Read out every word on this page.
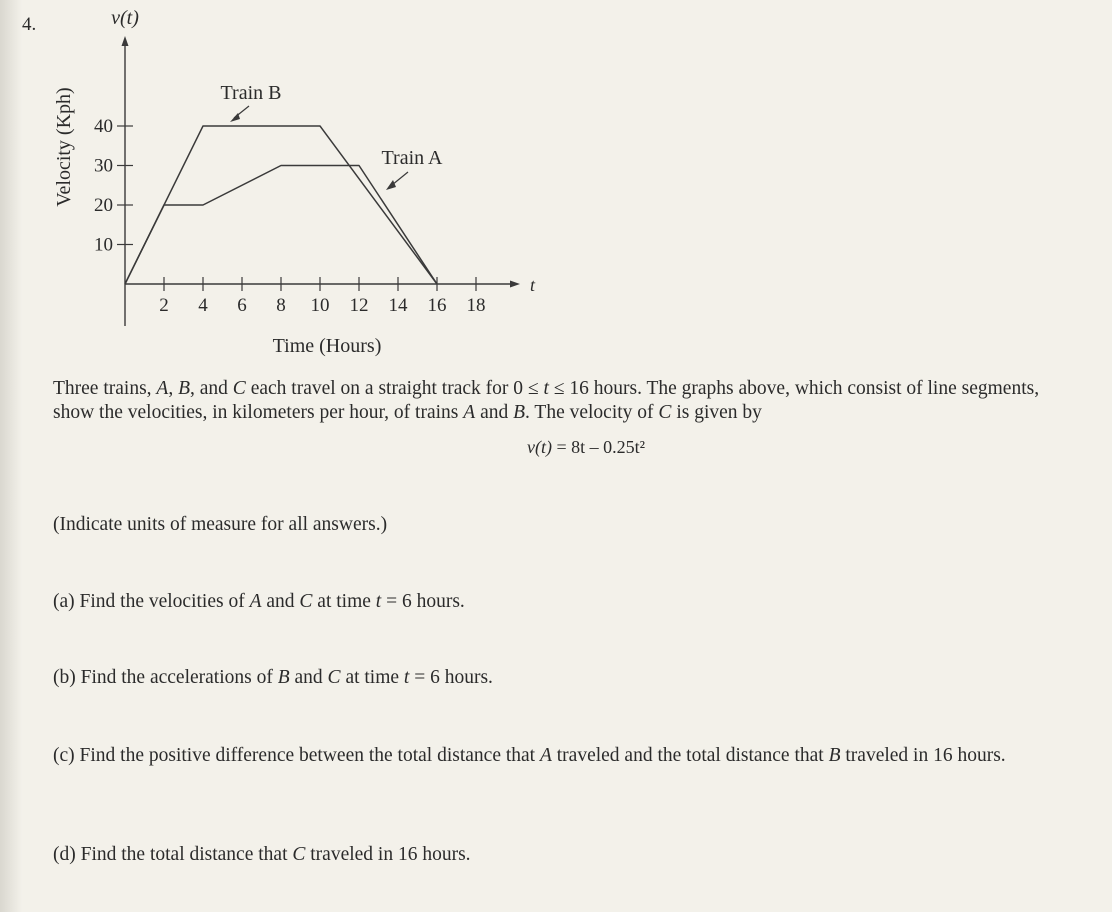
4.
2 4 6 8 10 12 14 16 18
10
20
30
40
v(t)
t
Time (Hours)
Velocity (Kph)	Train B
Train A
Three trains, A, B, and C each travel on a straight track for 0 ≤ t ≤ 16 hours. The graphs above, which consist of line segments, show the velocities, in kilometers per hour, of trains A and B. The velocity of C is given by
v(t) = 8t – 0.25t²
(Indicate units of measure for all answers.)
(a) Find the velocities of A and C at time t = 6 hours.
(b) Find the accelerations of B and C at time t = 6 hours.
(c) Find the positive difference between the total distance that A traveled and the total distance that B traveled in 16 hours.
(d) Find the total distance that C traveled in 16 hours.
